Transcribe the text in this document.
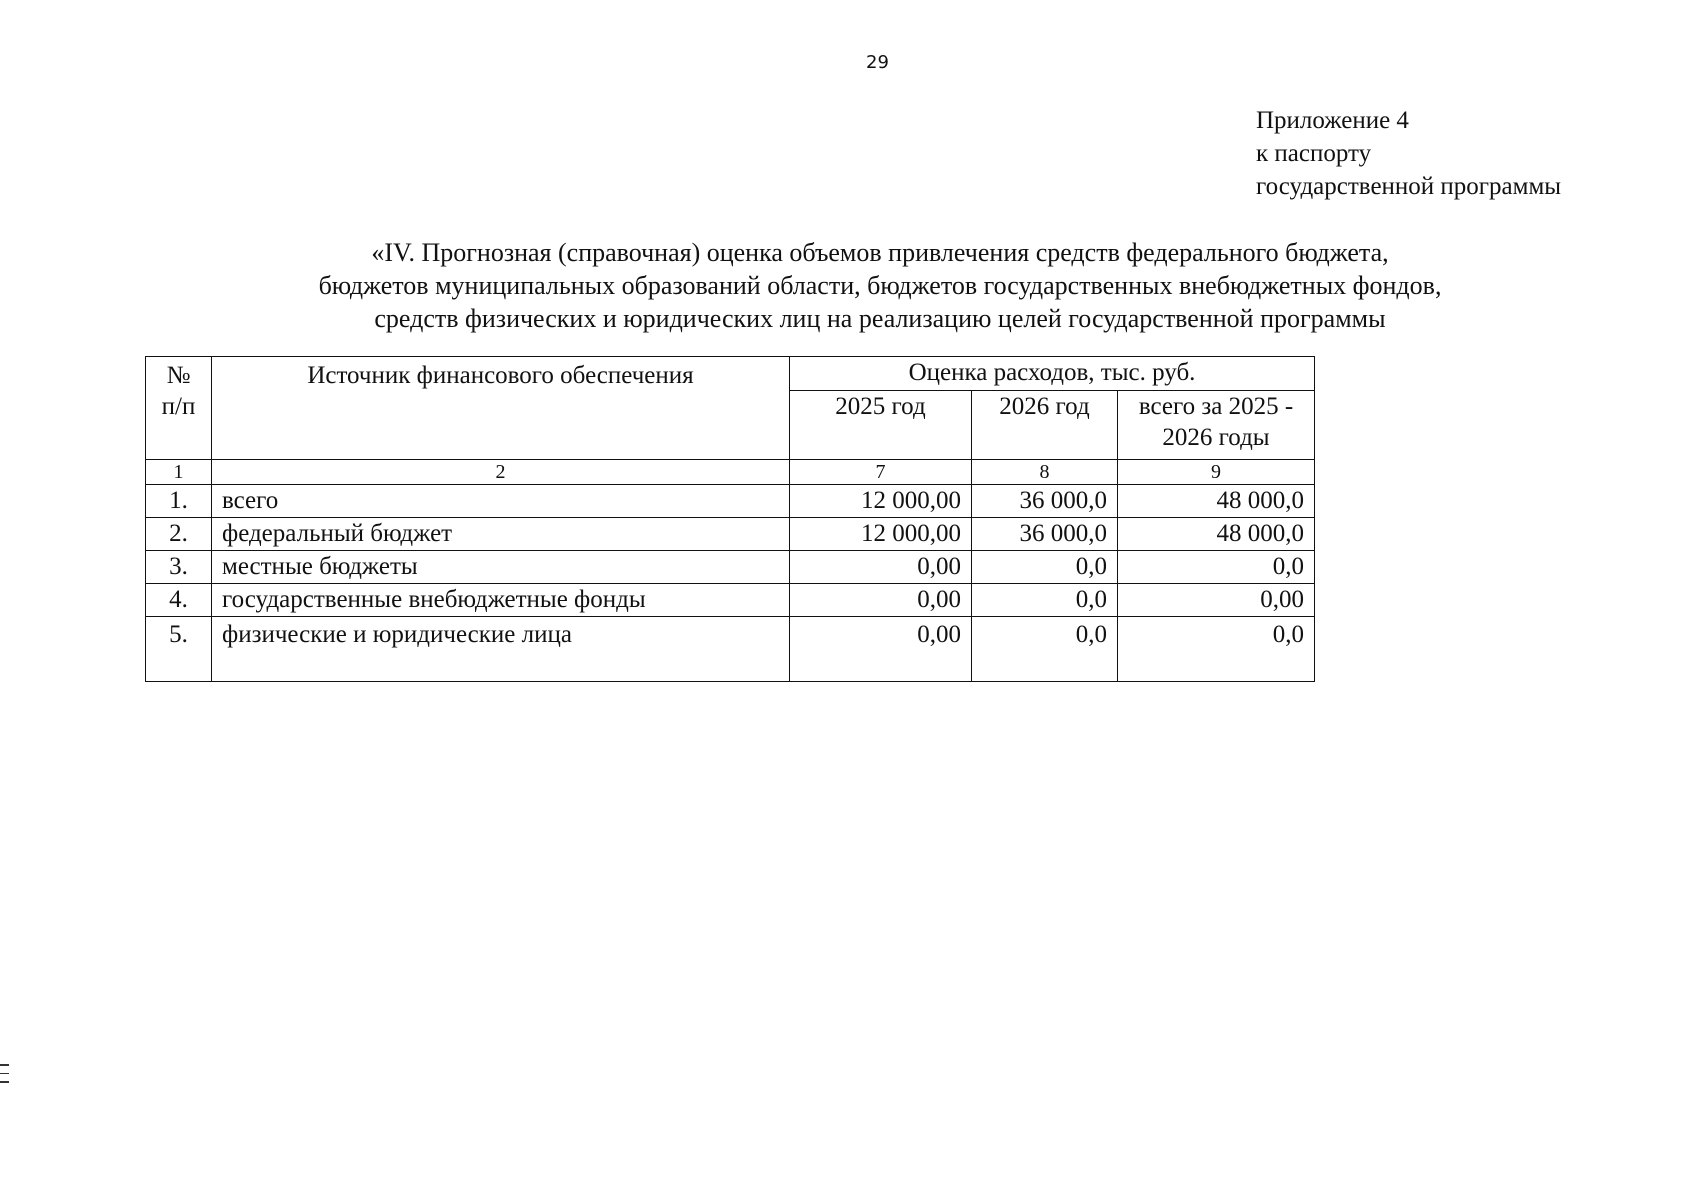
29
Приложение 4
к паспорту
государственной программы
«IV. Прогнозная (справочная) оценка объемов привлечения средств федерального бюджета,
бюджетов муниципальных образований области, бюджетов государственных внебюджетных фондов,
средств физических и юридических лиц на реализацию целей государственной программы
№
п/п	Источник финансового обеспечения	Оценка расходов, тыс. руб.		
		2025 год	2026 год	всего за 2025 -
2026 годы
1	2	7	8	9
1.	всего	12 000,00	36 000,0	48 000,0
2.	федеральный бюджет	12 000,00	36 000,0	48 000,0
3.	местные бюджеты	0,00	0,0	0,0
4.	государственные внебюджетные фонды	0,00	0,0	0,00
5.	физические и юридические лица	0,00	0,0	0,0
